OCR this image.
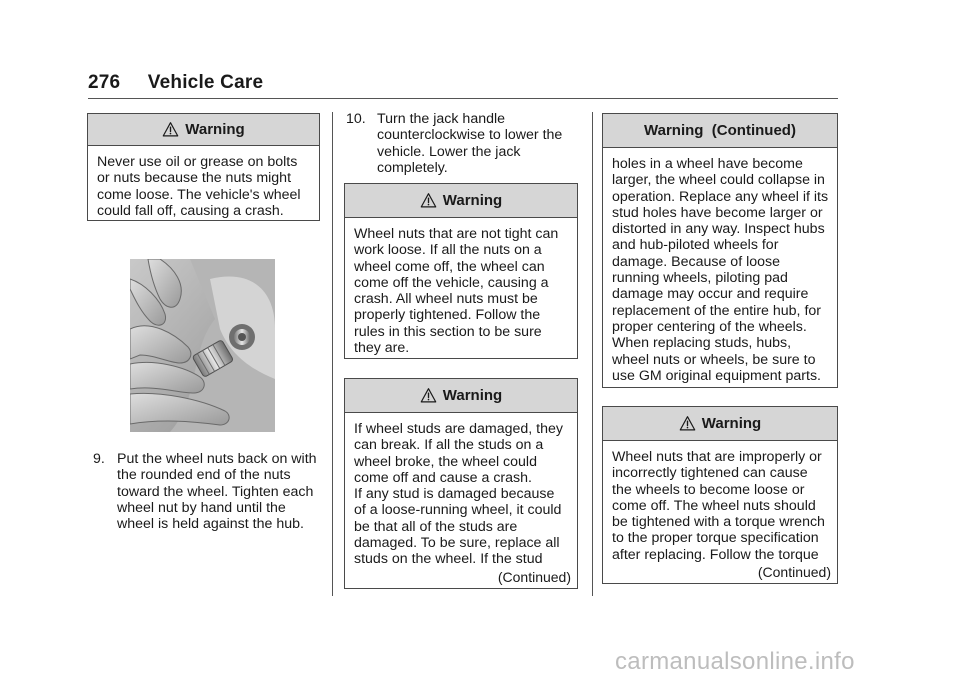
276 Vehicle Care
Warning

Never use oil or grease on bolts or nuts because the nuts might come loose. The vehicle's wheel could fall off, causing a crash.

9. Put the wheel nuts back on with the rounded end of the nuts toward the wheel. Tighten each wheel nut by hand until the wheel is held against the hub.
10. Turn the jack handle counterclockwise to lower the vehicle. Lower the jack completely.
Warning

Wheel nuts that are not tight can work loose. If all the nuts on a wheel come off, the wheel can come off the vehicle, causing a crash. All wheel nuts must be properly tightened. Follow the rules in this section to be sure they are.

Warning

If wheel studs are damaged, they can break. If all the studs on a wheel broke, the wheel could come off and cause a crash.

If any stud is damaged because of a loose-running wheel, it could be that all of the studs are damaged. To be sure, replace all studs on the wheel. If the stud

(Continued)
Warning  (Continued)

holes in a wheel have become larger, the wheel could collapse in operation. Replace any wheel if its stud holes have become larger or distorted in any way. Inspect hubs and hub-piloted wheels for damage. Because of loose running wheels, piloting pad damage may occur and require replacement of the entire hub, for proper centering of the wheels. When replacing studs, hubs, wheel nuts or wheels, be sure to use GM original equipment parts.

Warning

Wheel nuts that are improperly or incorrectly tightened can cause the wheels to become loose or come off. The wheel nuts should be tightened with a torque wrench to the proper torque specification after replacing. Follow the torque

(Continued)
carmanualsonline.info
